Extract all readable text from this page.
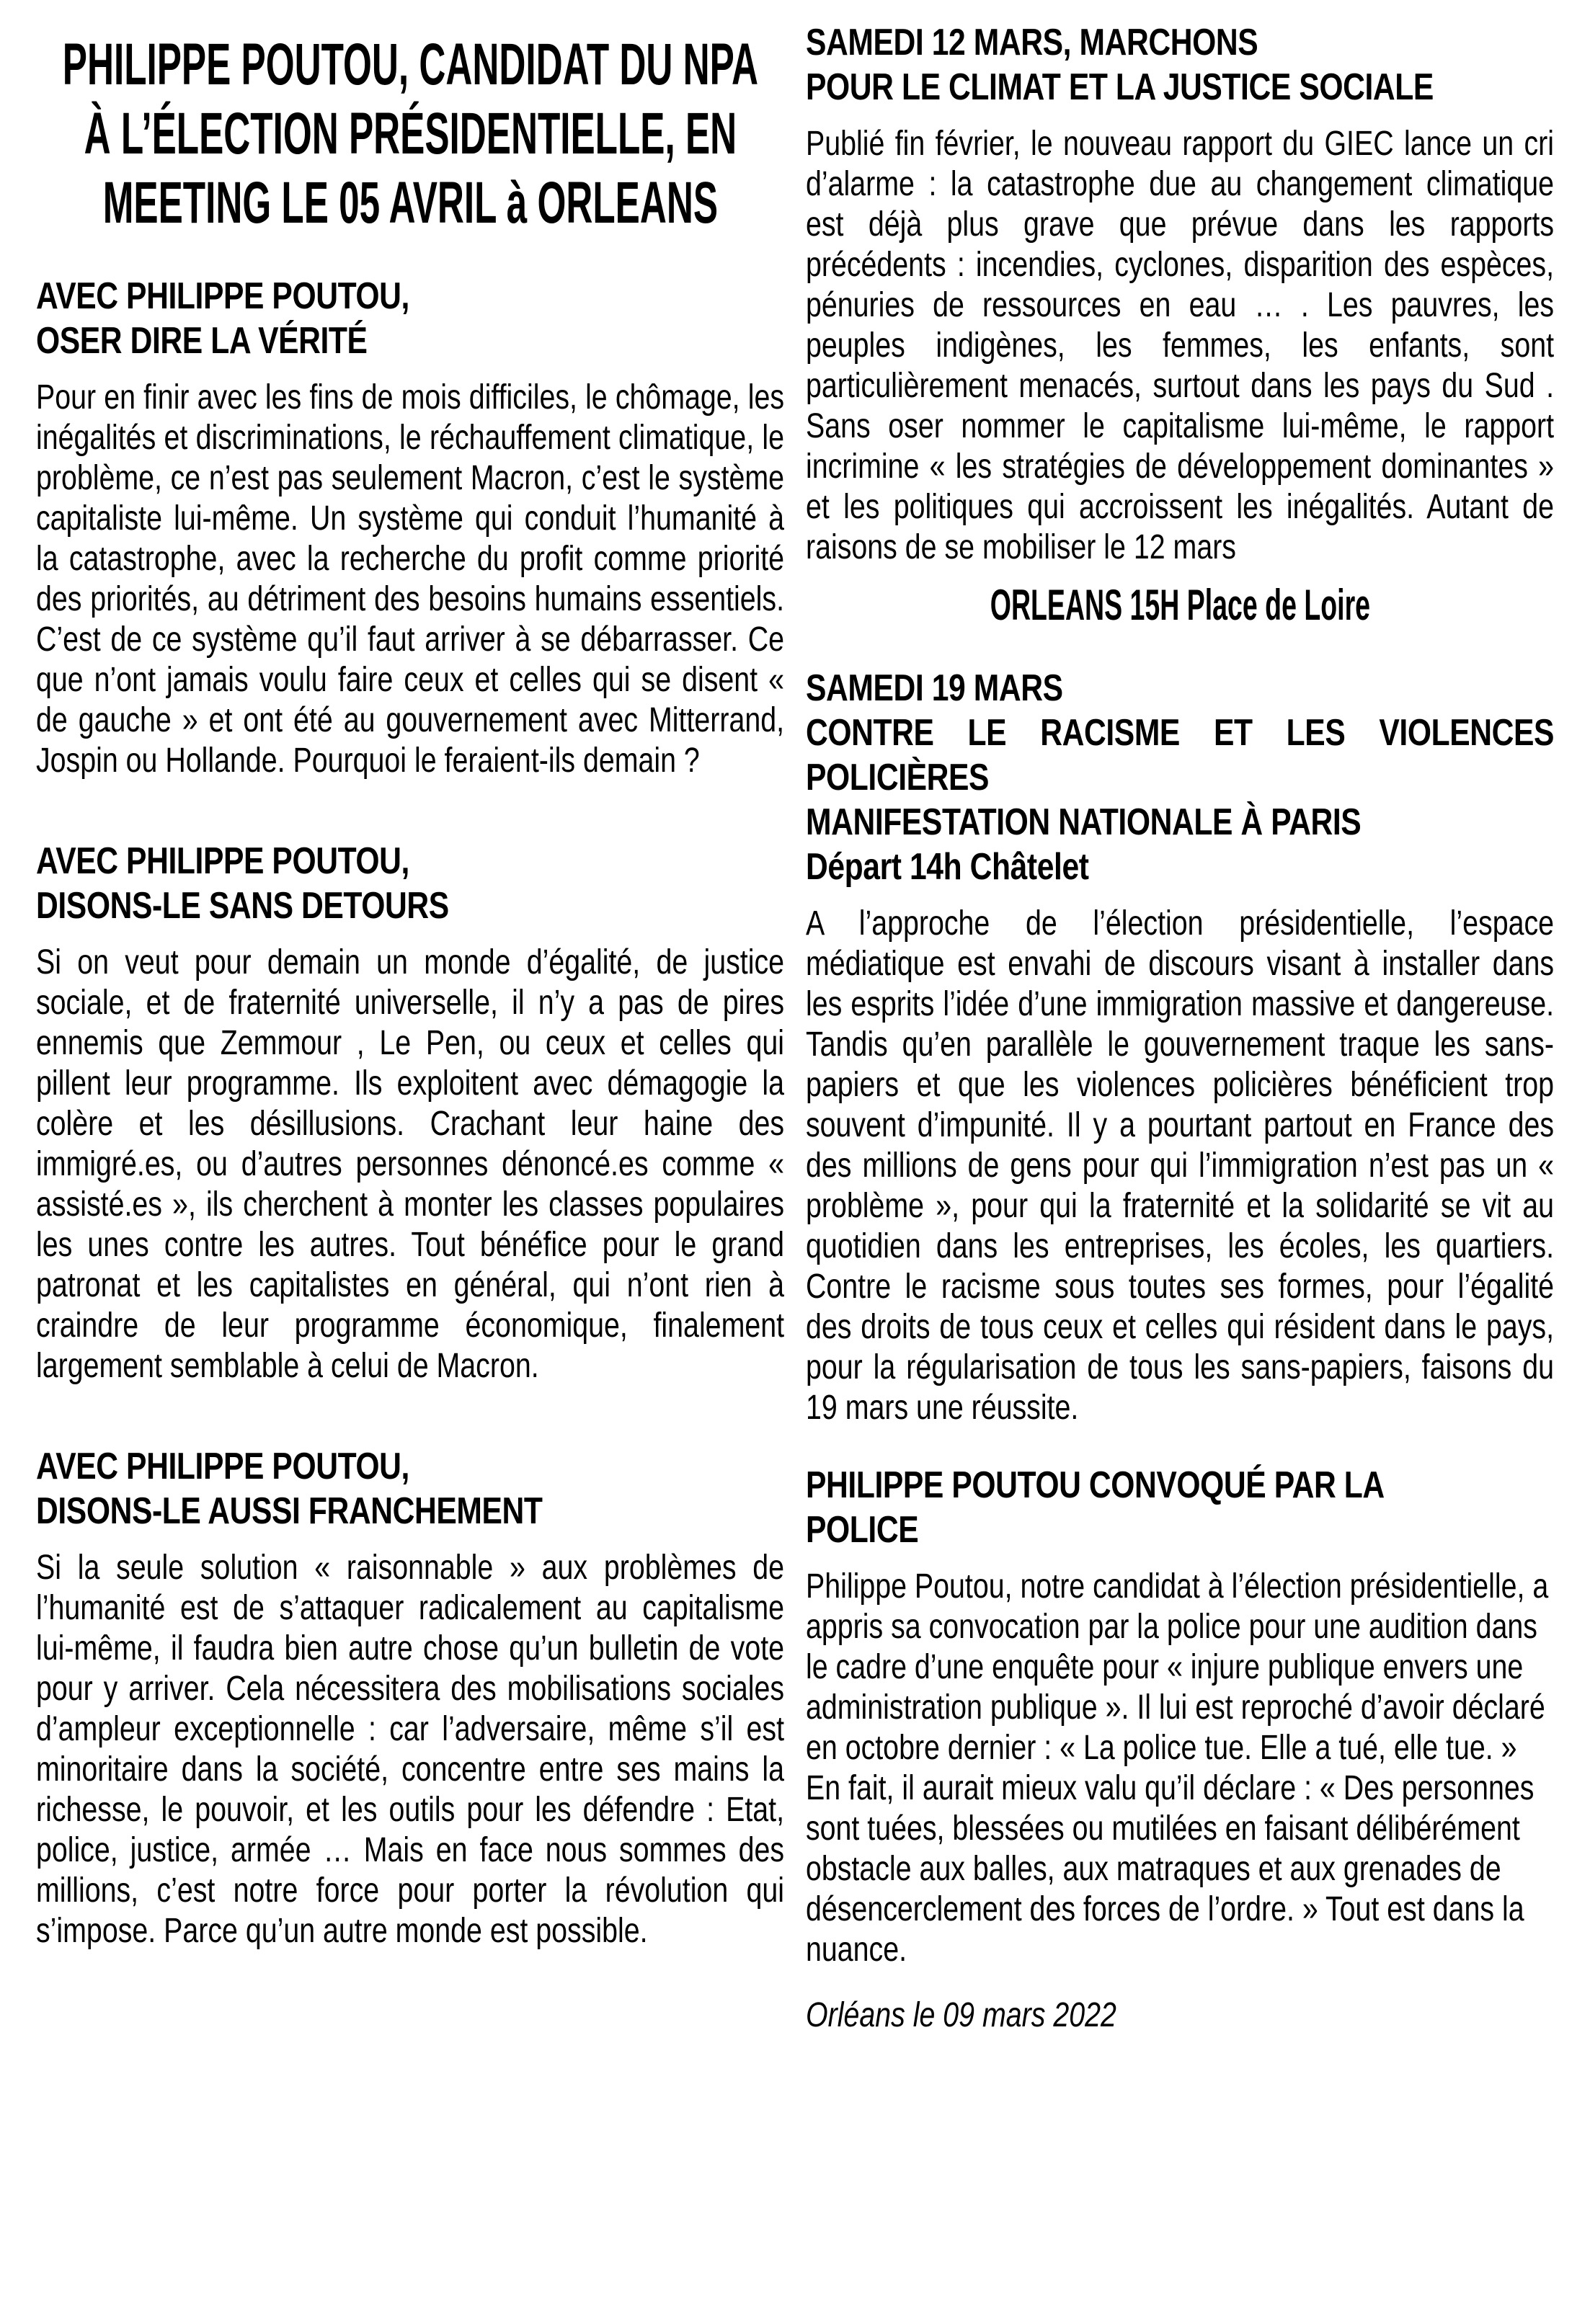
PHILIPPE POUTOU, CANDIDAT DU NPA
À L’ÉLECTION PRÉSIDENTIELLE, EN
MEETING LE 05 AVRIL à ORLEANS
AVEC PHILIPPE POUTOU,
OSER DIRE LA VÉRITÉ

Pour en finir avec les fins de mois difficiles, le chômage, les inégalités et discriminations, le réchauffement climatique, le problème, ce n’est pas seulement Macron, c’est le système capitaliste lui-même. Un système qui conduit l’humanité à la catastrophe, avec la recherche du profit comme priorité des priorités, au détriment des besoins humains essentiels. C’est de ce système qu’il faut arriver à se débarrasser. Ce que n’ont jamais voulu faire ceux et celles qui se disent « de gauche » et ont été au gouvernement avec Mitterrand, Jospin ou Hollande. Pourquoi le feraient-ils demain ?

AVEC PHILIPPE POUTOU,
DISONS-LE SANS DETOURS

Si on veut pour demain un monde d’égalité, de justice sociale, et de fraternité universelle, il n’y a pas de pires ennemis que Zemmour , Le Pen, ou ceux et celles qui pillent leur programme. Ils exploitent avec démagogie la colère et les désillusions. Crachant leur haine des immigré.es, ou d’autres personnes dénoncé.es comme « assisté.es », ils cherchent à monter les classes populaires les unes contre les autres. Tout bénéfice pour le grand patronat et les capitalistes en général, qui n’ont rien à craindre de leur programme économique, finalement largement semblable à celui de Macron.

AVEC PHILIPPE POUTOU,
DISONS-LE AUSSI FRANCHEMENT

Si la seule solution « raisonnable » aux problèmes de l’humanité est de s’attaquer radicalement au capitalisme lui-même, il faudra bien autre chose qu’un bulletin de vote pour y arriver. Cela nécessitera des mobilisations sociales d’ampleur exceptionnelle : car l’adversaire, même s’il est minoritaire dans la société, concentre entre ses mains la richesse, le pouvoir, et les outils pour les défendre : Etat, police, justice, armée … Mais en face nous sommes des millions, c’est notre force pour porter la révolution qui s’impose. Parce qu’un autre monde est possible.

SAMEDI 12 MARS, MARCHONS
POUR LE CLIMAT ET LA JUSTICE SOCIALE

Publié fin février, le nouveau rapport du GIEC lance un cri d’alarme : la catastrophe due au changement climatique est déjà plus grave que prévue dans les rapports précédents : incendies, cyclones, disparition des espèces, pénuries de ressources en eau … . Les pauvres, les peuples indigènes, les femmes, les enfants, sont particulièrement menacés, surtout dans les pays du Sud . Sans oser nommer le capitalisme lui-même, le rapport incrimine « les stratégies de développement dominantes » et les politiques qui accroissent les inégalités. Autant de raisons de se mobiliser le 12 mars

ORLEANS 15H Place de Loire
SAMEDI 19 MARS
CONTRE LE RACISME ET LES VIOLENCES
POLICIÈRES
MANIFESTATION NATIONALE À PARIS
Départ 14h Châtelet

A l’approche de l’élection présidentielle, l’espace médiatique est envahi de discours visant à installer dans les esprits l’idée d’une immigration massive et dangereuse. Tandis qu’en parallèle le gouvernement traque les sans-papiers et que les violences policières bénéficient trop souvent d’impunité. Il y a pourtant partout en France des des millions de gens pour qui l’immigration n’est pas un « problème », pour qui la fraternité et la solidarité se vit au quotidien dans les entreprises, les écoles, les quartiers. Contre le racisme sous toutes ses formes, pour l’égalité des droits de tous ceux et celles qui résident dans le pays, pour la régularisation de tous les sans-papiers, faisons du 19 mars une réussite.

PHILIPPE POUTOU CONVOQUÉ PAR LA
POLICE

Philippe Poutou, notre candidat à l’élection présidentielle, a appris sa convocation par la police pour une audition dans le cadre d’une enquête pour « injure publique envers une administration publique ». Il lui est reproché d’avoir déclaré en octobre dernier : « La police tue. Elle a tué, elle tue. » En fait, il aurait mieux valu qu’il déclare : « Des personnes sont tuées, blessées ou mutilées en faisant délibérément obstacle aux balles, aux matraques et aux grenades de désencerclement des forces de l’ordre. » Tout est dans la nuance.

Orléans le 09 mars 2022
